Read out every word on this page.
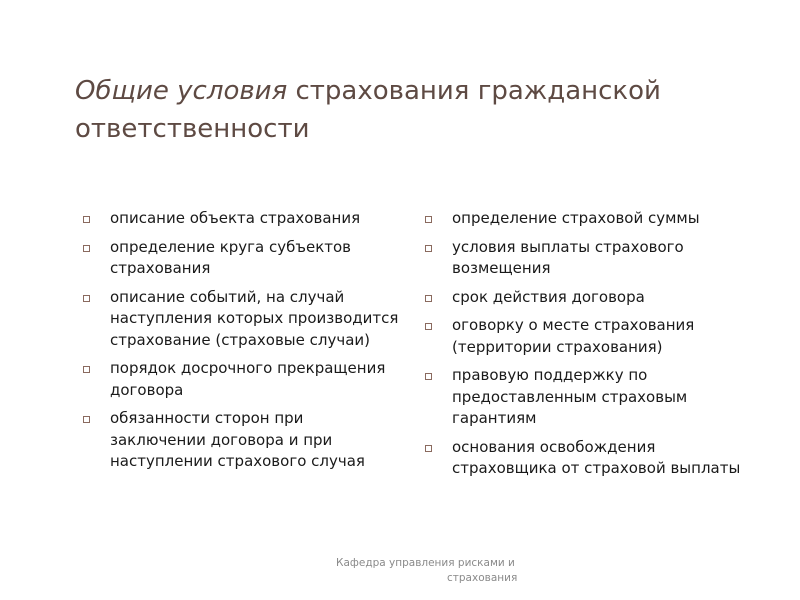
Общие условия страхования гражданской ответственности
описание объекта страхования
определение круга субъектов страхования
описание событий, на случай наступления которых производится страхование (страховые случаи)
порядок досрочного прекращения договора
обязанности сторон при заключении договора и при наступлении страхового случая
определение страховой суммы
условия выплаты страхового возмещения
срок действия договора
оговорку о месте страхования (территории страхования)
правовую поддержку по предоставленным страховым гарантиям
основания освобождения страховщика от страховой выплаты
Кафедра управления рисками и
страхования
